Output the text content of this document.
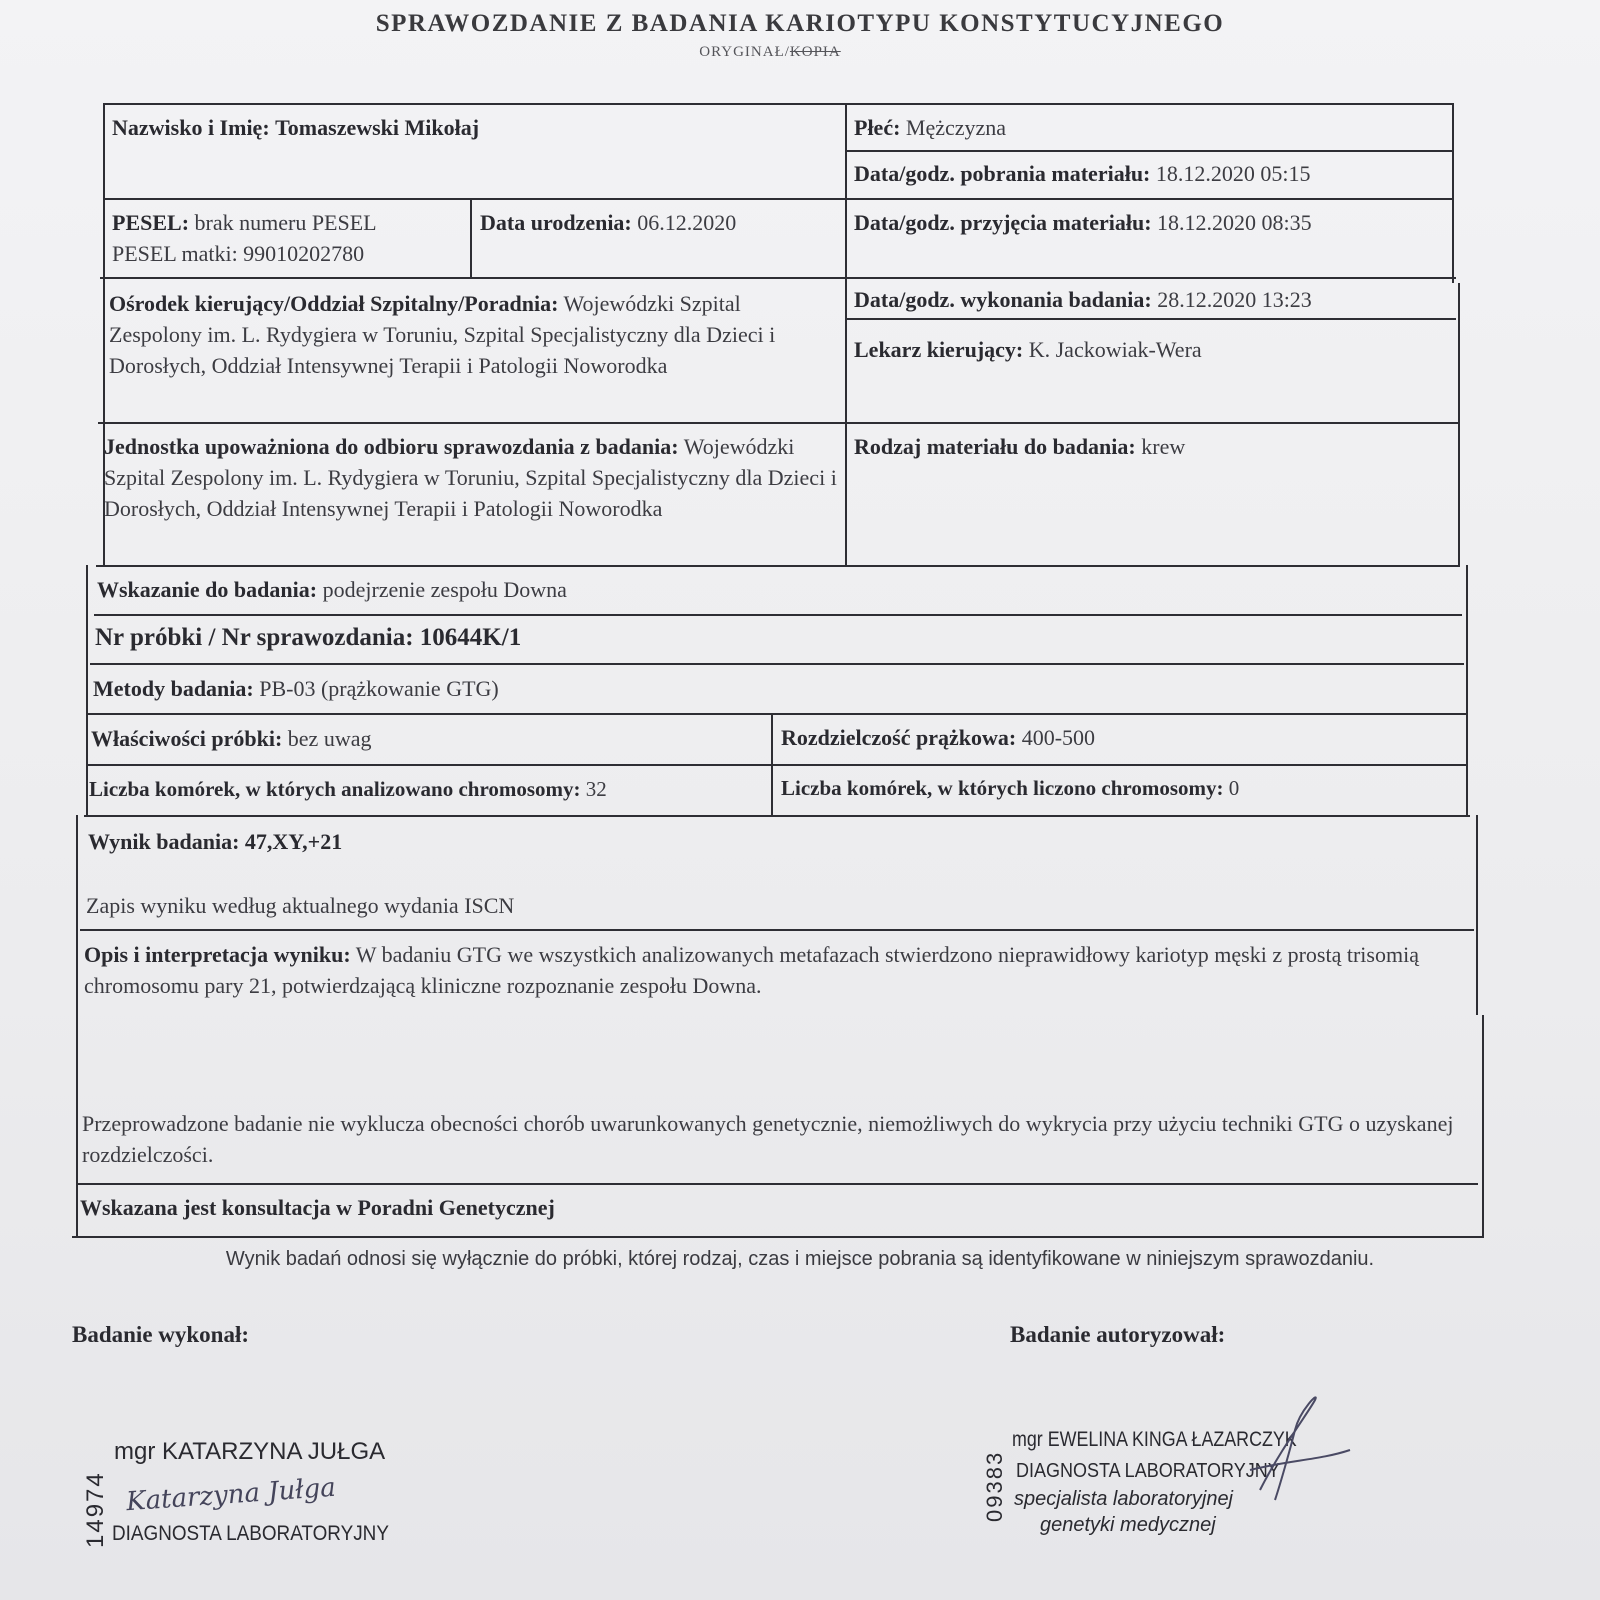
SPRAWOZDANIE Z BADANIA KARIOTYPU KONSTYTUCYJNEGO
ORYGINAŁ/KOPIA
Nazwisko i Imię: Tomaszewski Mikołaj	Płeć: Mężczyzna
Data/godz. pobrania materiału: 18.12.2020 05:15
PESEL: brak numeru PESEL
PESEL matki: 99010202780
Data urodzenia: 06.12.2020	Data/godz. przyjęcia materiału: 18.12.2020 08:35
Ośrodek kierujący/Oddział Szpitalny/Poradnia: Wojewódzki Szpital Zespolony im. L. Rydygiera w Toruniu, Szpital Specjalistyczny dla Dzieci i Dorosłych, Oddział Intensywnej Terapii i Patologii Noworodka
Data/godz. wykonania badania: 28.12.2020 13:23
Lekarz kierujący: K. Jackowiak-Wera
Jednostka upoważniona do odbioru sprawozdania z badania: Wojewódzki Szpital Zespolony im. L. Rydygiera w Toruniu, Szpital Specjalistyczny dla Dzieci i Dorosłych, Oddział Intensywnej Terapii i Patologii Noworodka
Rodzaj materiału do badania: krew
Wskazanie do badania: podejrzenie zespołu Downa
Nr próbki / Nr sprawozdania: 10644K/1
Metody badania: PB-03 (prążkowanie GTG)
Właściwości próbki: bez uwag	Rozdzielczość prążkowa: 400-500
Liczba komórek, w których analizowano chromosomy: 32	Liczba komórek, w których liczono chromosomy: 0
Wynik badania: 47,XY,+21
Zapis wyniku według aktualnego wydania ISCN
Opis i interpretacja wyniku: W badaniu GTG we wszystkich analizowanych metafazach stwierdzono nieprawidłowy kariotyp męski z prostą trisomią chromosomu pary 21, potwierdzającą kliniczne rozpoznanie zespołu Downa.
Przeprowadzone badanie nie wyklucza obecności chorób uwarunkowanych genetycznie, niemożliwych do wykrycia przy użyciu techniki GTG o uzyskanej rozdzielczości.
Wskazana jest konsultacja w Poradni Genetycznej
Wynik badań odnosi się wyłącznie do próbki, której rodzaj, czas i miejsce pobrania są identyfikowane w niniejszym sprawozdaniu.
Badanie wykonał:	Badanie autoryzował:
14974
mgr KATARZYNA JUŁGA
Katarzyna Jułga
DIAGNOSTA LABORATORYJNY
09383
mgr EWELINA KINGA ŁAZARCZYK
DIAGNOSTA LABORATORYJNY
specjalista laboratoryjnej
genetyki medycznej
